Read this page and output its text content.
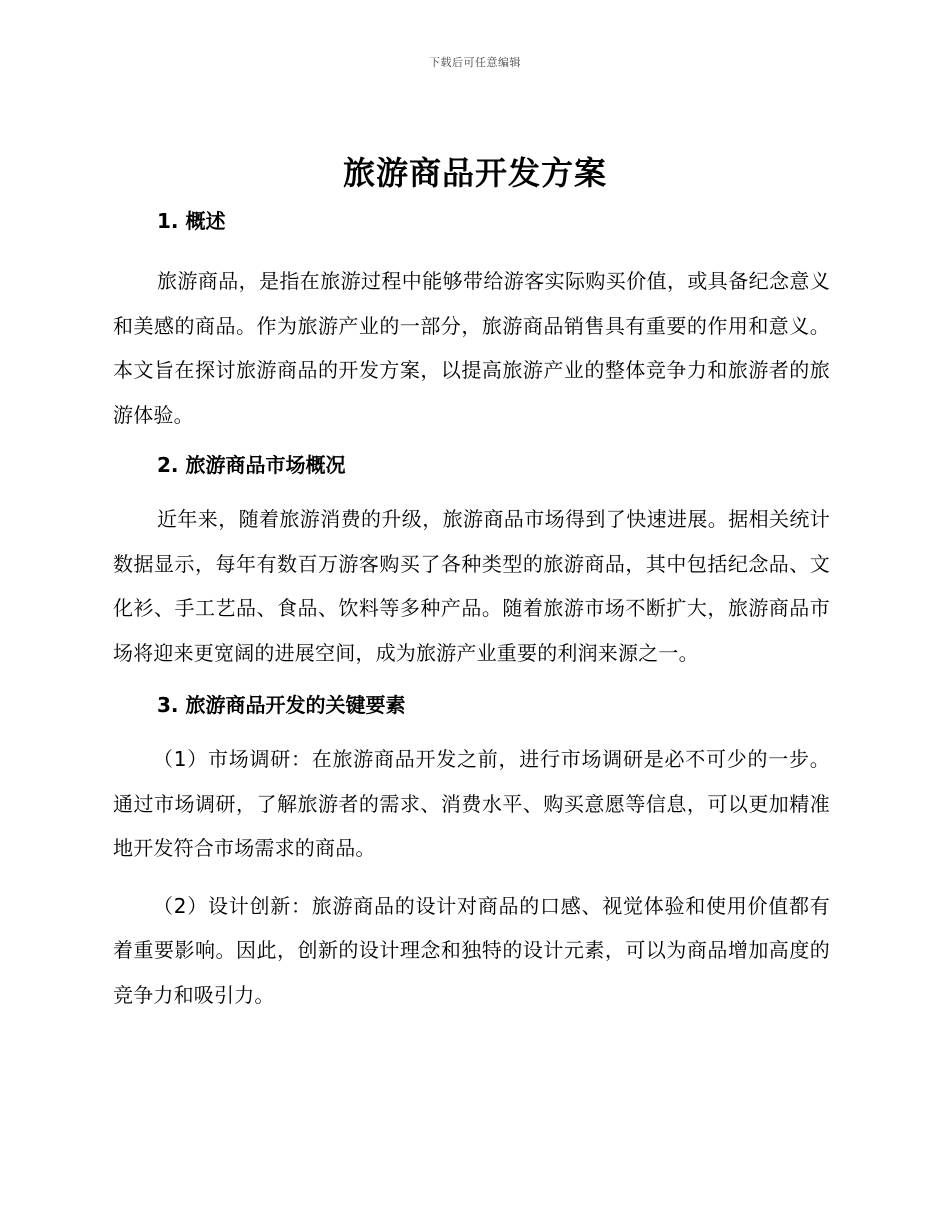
下载后可任意编辑
旅游商品开发方案
1. 概述

旅游商品，是指在旅游过程中能够带给游客实际购买价值，或具备纪念意义和美感的商品。作为旅游产业的一部分，旅游商品销售具有重要的作用和意义。本文旨在探讨旅游商品的开发方案，以提高旅游产业的整体竞争力和旅游者的旅游体验。

2. 旅游商品市场概况

近年来，随着旅游消费的升级，旅游商品市场得到了快速进展。据相关统计数据显示，每年有数百万游客购买了各种类型的旅游商品，其中包括纪念品、文化衫、手工艺品、食品、饮料等多种产品。随着旅游市场不断扩大，旅游商品市场将迎来更宽阔的进展空间，成为旅游产业重要的利润来源之一。

3. 旅游商品开发的关键要素

（1）市场调研：在旅游商品开发之前，进行市场调研是必不可少的一步。通过市场调研，了解旅游者的需求、消费水平、购买意愿等信息，可以更加精准地开发符合市场需求的商品。

（2）设计创新：旅游商品的设计对商品的口感、视觉体验和使用价值都有着重要影响。因此，创新的设计理念和独特的设计元素，可以为商品增加高度的竞争力和吸引力。
